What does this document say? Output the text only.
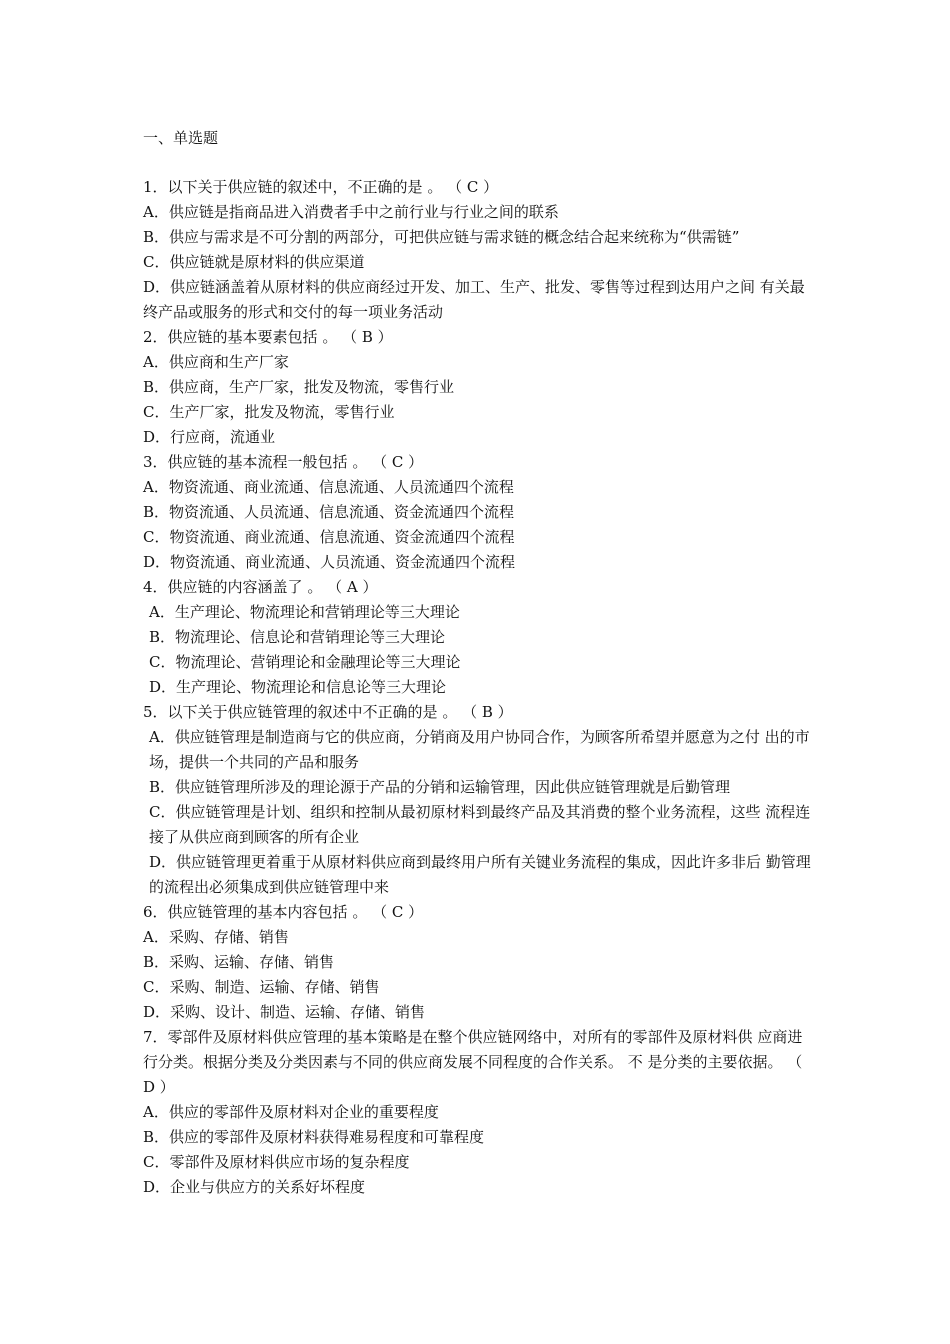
一、单选题

1．以下关于供应链的叙述中，不正确的是 。 （ C ）

A．供应链是指商品进入消费者手中之前行业与行业之间的联系

B．供应与需求是不可分割的两部分，可把供应链与需求链的概念结合起来统称为“供需链”

C．供应链就是原材料的供应渠道

D．供应链涵盖着从原材料的供应商经过开发、加工、生产、批发、零售等过程到达用户之间 有关最终产品或服务的形式和交付的每一项业务活动

2．供应链的基本要素包括 。 （ B ）

A．供应商和生产厂家

B．供应商，生产厂家，批发及物流，零售行业

C．生产厂家，批发及物流，零售行业

D．行应商，流通业

3．供应链的基本流程一般包括 。 （ C ）

A．物资流通、商业流通、信息流通、人员流通四个流程

B．物资流通、人员流通、信息流通、资金流通四个流程

C．物资流通、商业流通、信息流通、资金流通四个流程

D．物资流通、商业流通、人员流通、资金流通四个流程

4．供应链的内容涵盖了 。 （ A ）

A．生产理论、物流理论和营销理论等三大理论

B．物流理论、信息论和营销理论等三大理论

C．物流理论、营销理论和金融理论等三大理论

D．生产理论、物流理论和信息论等三大理论

5．以下关于供应链管理的叙述中不正确的是 。 （ B ）

A．供应链管理是制造商与它的供应商，分销商及用户协同合作，为顾客所希望并愿意为之付 出的市场，提供一个共同的产品和服务

B．供应链管理所涉及的理论源于产品的分销和运输管理，因此供应链管理就是后勤管理

C．供应链管理是计划、组织和控制从最初原材料到最终产品及其消费的整个业务流程，这些 流程连接了从供应商到顾客的所有企业

D．供应链管理更着重于从原材料供应商到最终用户所有关键业务流程的集成，因此许多非后 勤管理的流程出必须集成到供应链管理中来

6．供应链管理的基本内容包括 。 （ C ）

A．采购、存储、销售

B．采购、运输、存储、销售

C．采购、制造、运输、存储、销售

D．采购、设计、制造、运输、存储、销售

7．零部件及原材料供应管理的基本策略是在整个供应链网络中，对所有的零部件及原材料供 应商进行分类。根据分类及分类因素与不同的供应商发展不同程度的合作关系。 不 是分类的主要依据。 （ D ）

A．供应的零部件及原材料对企业的重要程度

B．供应的零部件及原材料获得难易程度和可靠程度

C．零部件及原材料供应市场的复杂程度

D．企业与供应方的关系好坏程度
